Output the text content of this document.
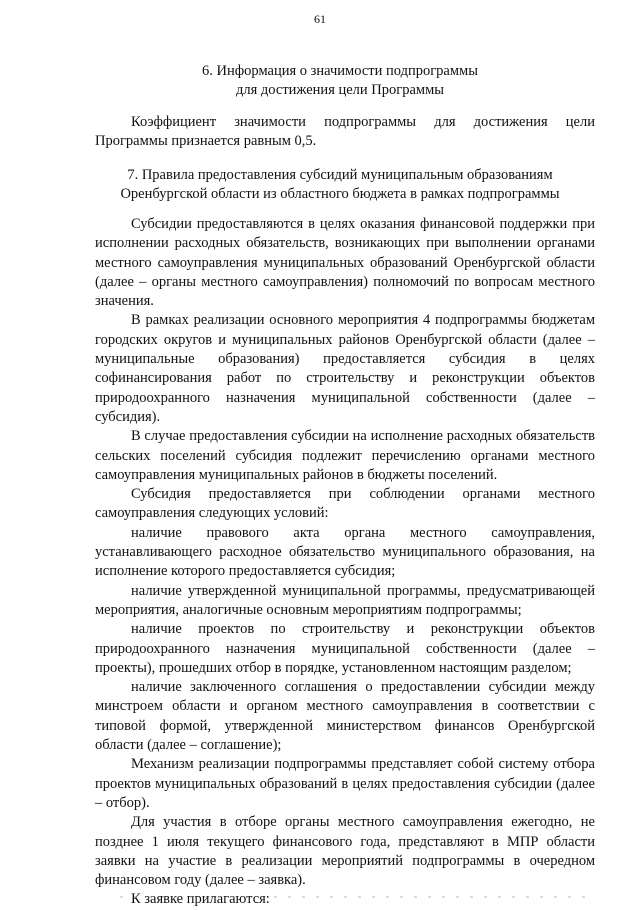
61
6. Информация о значимости подпрограммы
для достижения цели Программы

Коэффициент значимости подпрограммы для достижения цели Программы признается равным 0,5.

7. Правила предоставления субсидий муниципальным образованиям
Оренбургской области из областного бюджета в рамках подпрограммы

Субсидии предоставляются в целях оказания финансовой поддержки при исполнении расходных обязательств, возникающих при выполнении органами местного самоуправления муниципальных образований Оренбургской области (далее – органы местного самоуправления) полномочий по вопросам местного значения.

В рамках реализации основного мероприятия 4 подпрограммы бюджетам городских округов и муниципальных районов Оренбургской области (далее – муниципальные образования) предоставляется субсидия в целях софинансирования работ по строительству и реконструкции объектов природоохранного назначения муниципальной собственности (далее – субсидия).

В случае предоставления субсидии на исполнение расходных обязательств сельских поселений субсидия подлежит перечислению органами местного самоуправления муниципальных районов в бюджеты поселений.

Субсидия предоставляется при соблюдении органами местного самоуправления следующих условий:

наличие правового акта органа местного самоуправления, устанавливающего расходное обязательство муниципального образования, на исполнение которого предоставляется субсидия;

наличие утвержденной муниципальной программы, предусматривающей мероприятия, аналогичные основным мероприятиям подпрограммы;

наличие проектов по строительству и реконструкции объектов природоохранного назначения муниципальной собственности (далее – проекты), прошедших отбор в порядке, установленном настоящим разделом;

наличие заключенного соглашения о предоставлении субсидии между минстроем области и органом местного самоуправления в соответствии с типовой формой, утвержденной министерством финансов Оренбургской области (далее – соглашение);

Механизм реализации подпрограммы представляет собой систему отбора проектов муниципальных образований в целях предоставления субсидии (далее – отбор).

Для участия в отборе органы местного самоуправления ежегодно, не позднее 1 июля текущего финансового года, представляют в МПР области заявки на участие в реализации мероприятий подпрограммы в очередном финансовом году (далее – заявка).

К заявке прилагаются:
